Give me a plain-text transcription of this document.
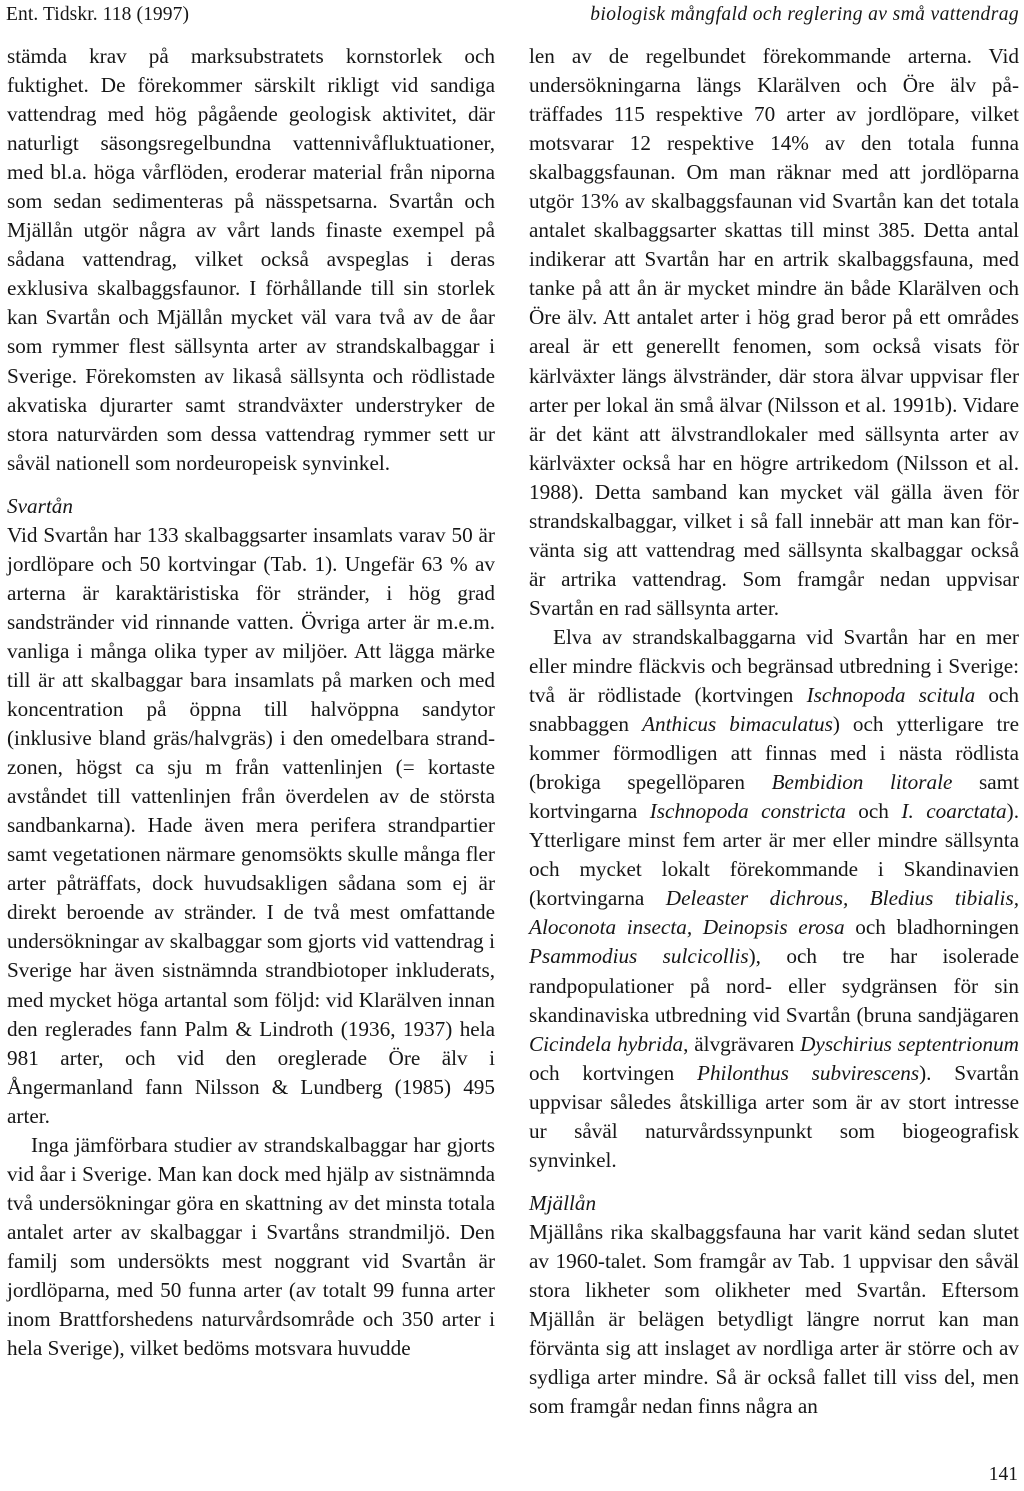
Ent. Tidskr. 118 (1997)	biologisk mångfald och reglering av små vattendrag

stämda krav på marksubstratets kornstorlek och fuktighet. De förekommer särskilt rikligt vid sandiga vattendrag med hög pågående geologisk aktivitet, där naturligt säsongsregelbundna vattennivåfluktuationer, med bl.a. höga vårflöden, eroderar material från niporna som sedan sedimenteras på nässpetsarna. Svartån och Mjällån utgör några av vårt lands finaste exempel på sådana vattendrag, vilket också avspeglas i deras exklusiva skalbaggsfaunor. I förhållande till sin storlek kan Svartån och Mjällån mycket väl vara två av de åar som rymmer flest sällsynta arter av strandskalbaggar i Sverige. Förekomsten av likaså sällsynta och rödlistade akvatiska djurarter samt strandväxter understryker de stora naturvärden som dessa vattendrag rymmer sett ur såväl nationell som nordeuropeisk synvinkel.

Svartån

Vid Svartån har 133 skalbaggsarter insamlats varav 50 är jordlöpare och 50 kortvingar (Tab. 1). Ungefär 63 % av arterna är karaktäristiska för stränder, i hög grad sandstränder vid rinnande vatten. Övriga arter är m.e.m. vanliga i många olika typer av miljöer. Att lägga märke till är att skalbaggar bara insamlats på marken och med koncentration på öppna till halvöppna sandytor (inklusive bland gräs/halvgräs) i den omedelbara strandzonen, högst ca sju m från vattenlinjen (= kortaste avståndet till vattenlinjen från överdelen av de största sandbankarna). Hade även mera perifera strandpartier samt vegetationen närmare genomsökts skulle många fler arter påträffats, dock huvudsakligen sådana som ej är direkt beroende av stränder. I de två mest omfattande undersökningar av skalbaggar som gjorts vid vattendrag i Sverige har även sistnämnda strandbiotoper inkluderats, med mycket höga artantal som följd: vid Klarälven innan den reglerades fann Palm & Lindroth (1936, 1937) hela 981 arter, och vid den oreglerade Öre älv i Ångermanland fann Nilsson & Lundberg (1985) 495 arter.

Inga jämförbara studier av strandskalbaggar har gjorts vid åar i Sverige. Man kan dock med hjälp av sistnämnda två undersökningar göra en skattning av det minsta totala antalet arter av skalbaggar i Svartåns strandmiljö. Den familj som undersökts mest noggrant vid Svartån är jordlöparna, med 50 funna arter (av totalt 99 funna arter inom Brattforshedens naturvårdsområde och 350 arter i hela Sverige), vilket bedöms motsvara huvudde

len av de regelbundet förekommande arterna. Vid undersökningarna längs Klarälven och Öre älv påträffades 115 respektive 70 arter av jordlöpare, vilket motsvarar 12 respektive 14% av den totala funna skalbaggsfaunan. Om man räknar med att jordlöparna utgör 13% av skalbaggsfaunan vid Svartån kan det totala antalet skalbaggsarter skattas till minst 385. Detta antal indikerar att Svartån har en artrik skalbaggsfauna, med tanke på att ån är mycket mindre än både Klarälven och Öre älv. Att antalet arter i hög grad beror på ett områdes areal är ett generellt fenomen, som också visats för kärlväxter längs älvstränder, där stora älvar uppvisar fler arter per lokal än små älvar (Nilsson et al. 1991b). Vidare är det känt att älvstrandlokaler med sällsynta arter av kärlväxter också har en högre artrikedom (Nilsson et al. 1988). Detta samband kan mycket väl gälla även för strandskalbaggar, vilket i så fall innebär att man kan förvänta sig att vattendrag med sällsynta skalbaggar också är artrika vattendrag. Som framgår nedan uppvisar Svartån en rad sällsynta arter.

Elva av strandskalbaggarna vid Svartån har en mer eller mindre fläckvis och begränsad utbredning i Sverige: två är rödlistade (kortvingen Ischnopoda scitula och snabbaggen Anthicus bimaculatus) och ytterligare tre kommer förmodligen att finnas med i nästa rödlista (brokiga spegellöparen Bembidion litorale samt kortvingarna Ischnopoda constricta och I. coarctata). Ytterligare minst fem arter är mer eller mindre sällsynta och mycket lokalt förekommande i Skandinavien (kortvingarna Deleaster dichrous, Bledius tibialis, Aloconota insecta, Deinopsis erosa och bladhorningen Psammodius sulcicollis), och tre har isolerade randpopulationer på nord- eller sydgränsen för sin skandinaviska utbredning vid Svartån (bruna sandjägaren Cicindela hybrida, älvgrävaren Dyschirius septentrionum och kortvingen Philonthus subvirescens). Svartån uppvisar således åtskilliga arter som är av stort intresse ur såväl naturvårdssynpunkt som biogeografisk synvinkel.

Mjällån

Mjällåns rika skalbaggsfauna har varit känd sedan slutet av 1960-talet. Som framgår av Tab. 1 uppvisar den såväl stora likheter som olikheter med Svartån. Eftersom Mjällån är belägen betydligt längre norrut kan man förvänta sig att inslaget av nordliga arter är större och av sydliga arter mindre. Så är också fallet till viss del, men som framgår nedan finns några an

141
